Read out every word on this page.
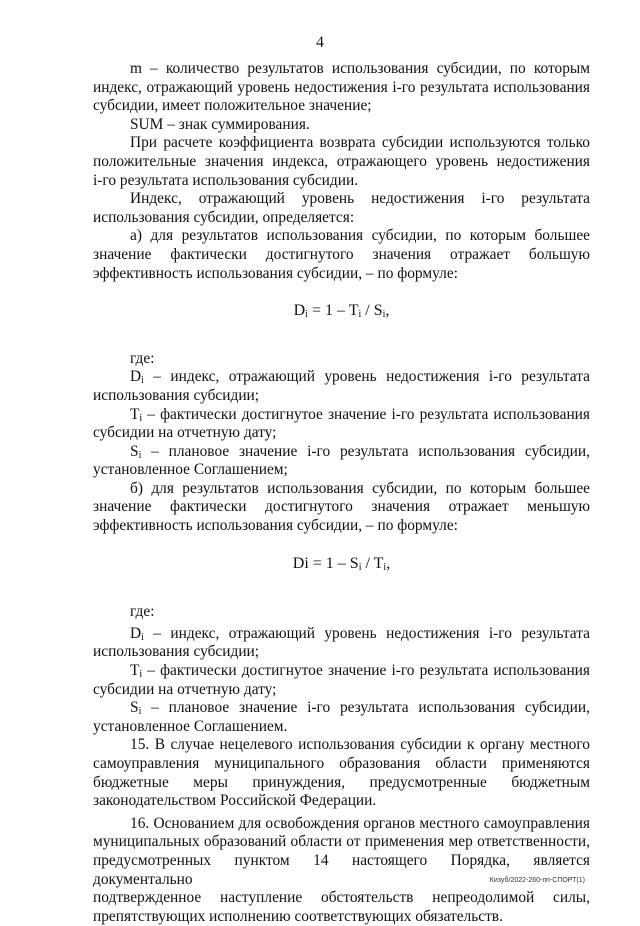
4

m – количество результатов использования субсидии, по которым

индекс, отражающий уровень недостижения i-го результата использования

субсидии, имеет положительное значение;

SUM – знак суммирования.

При расчете коэффициента возврата субсидии используются только

положительные значения индекса, отражающего уровень недостижения

i-го результата использования субсидии.

Индекс, отражающий уровень недостижения i-го результата

использования субсидии, определяется:

а) для результатов использования субсидии, по которым большее

значение фактически достигнутого значения отражает большую

эффективность использования субсидии, – по формуле:

$D_i = 1 - T_i / S_i$,

где:

$D_i$ – индекс, отражающий уровень недостижения i-го результата

использования субсидии;

$T_i$ – фактически достигнутое значение i-го результата использования

субсидии на отчетную дату;

$S_i$ – плановое значение i-го результата использования субсидии,

установленное Соглашением;

б) для результатов использования субсидии, по которым большее

значение фактически достигнутого значения отражает меньшую

эффективность использования субсидии, – по формуле:

$Di = 1 - S_i / T_i$,

где:

$D_i$ – индекс, отражающий уровень недостижения i-го результата

использования субсидии;

$T_i$ – фактически достигнутое значение i-го результата использования

субсидии на отчетную дату;

$S_i$ – плановое значение i-го результата использования субсидии,

установленное Соглашением.

15. В случае нецелевого использования субсидии к органу местного

самоуправления муниципального образования области применяются

бюджетные меры принуждения, предусмотренные бюджетным

законодательством Российской Федерации.

16. Основанием для освобождения органов местного самоуправления

муниципальных образований области от применения мер ответственности,

предусмотренных пунктом 14 настоящего Порядка, является документально

подтвержденное наступление обстоятельств непреодолимой силы,

препятствующих исполнению соответствующих обязательств.

Кизуб/2022-260-пп-СПОРТ(1)
